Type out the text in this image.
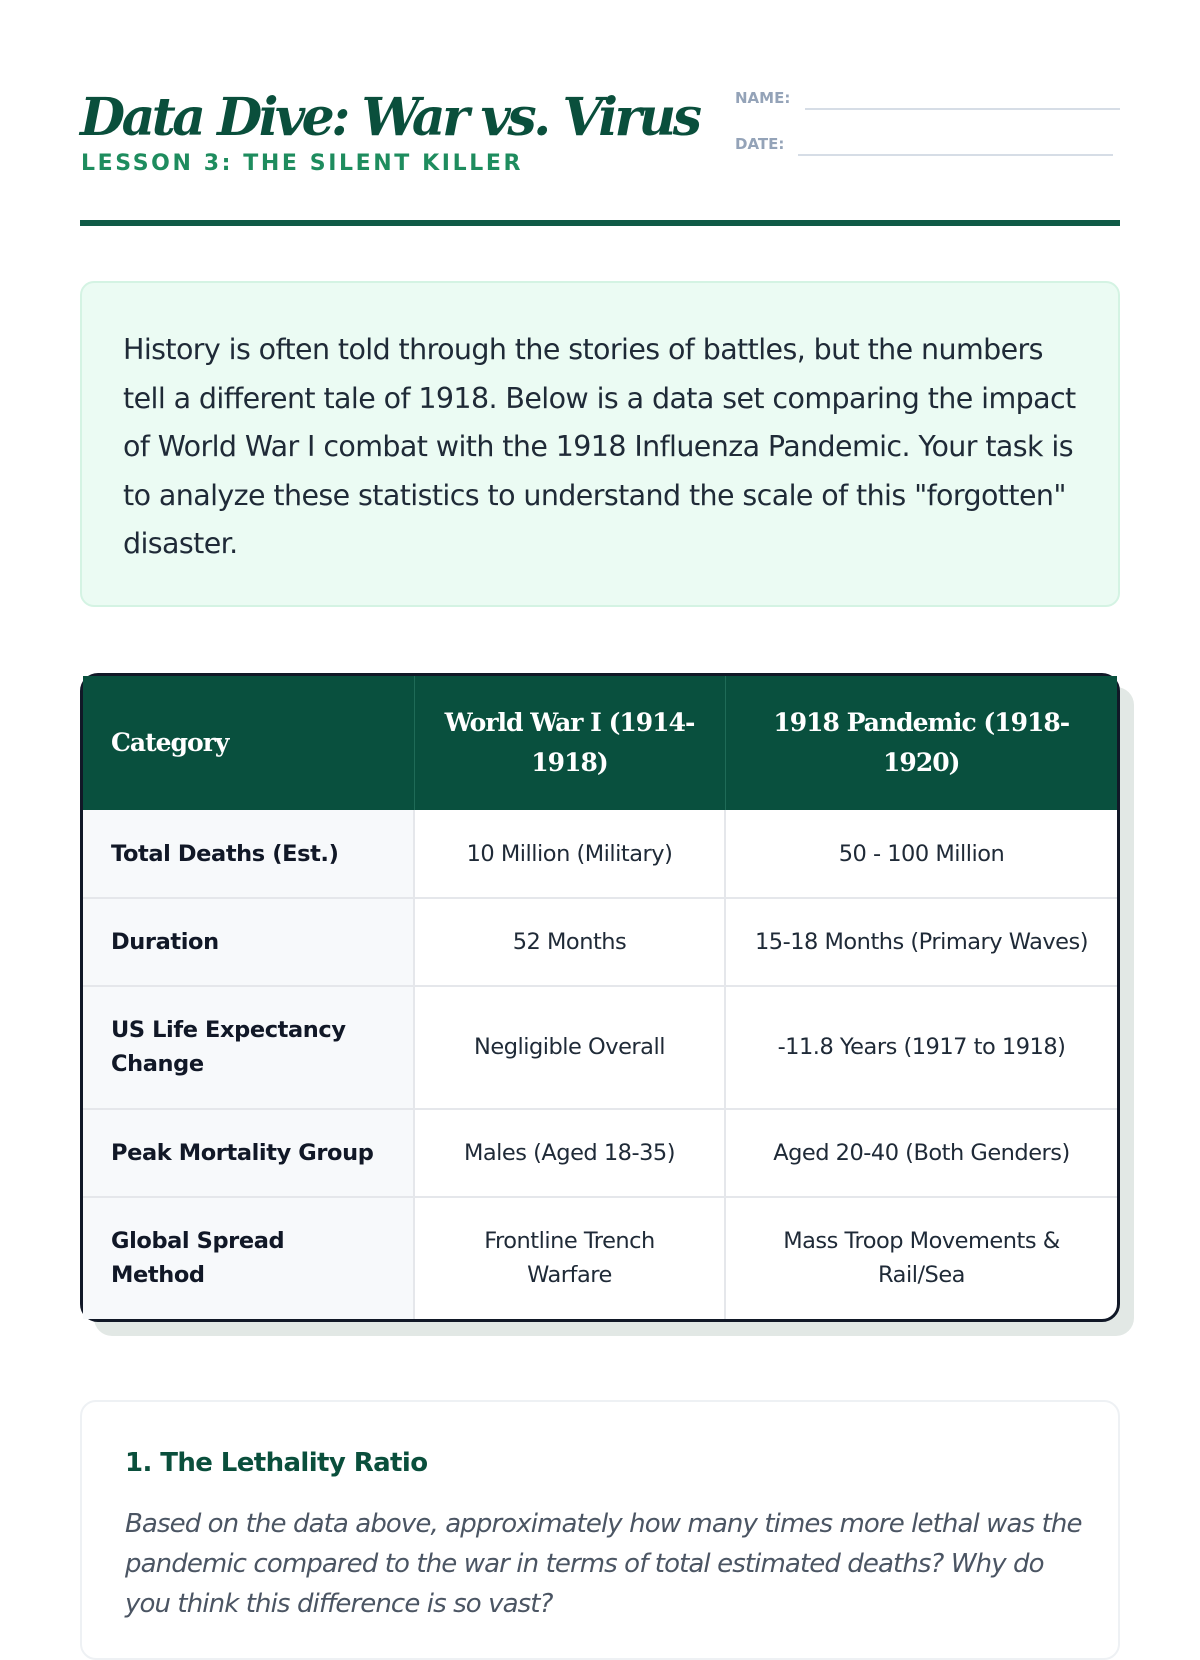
Data Dive: War vs. Virus
LESSON 3: THE SILENT KILLER
NAME:
DATE:

History is often told through the stories of battles, but the numbers tell a different tale of 1918. Below is a data set comparing the impact of World War I combat with the 1918 Influenza Pandemic. Your task is to analyze these statistics to understand the scale of this "forgotten" disaster.

Category	World War I (1914-1918)	1918 Pandemic (1918-1920)
Total Deaths (Est.)	10 Million (Military)	50 - 100 Million
Duration	52 Months	15-18 Months (Primary Waves)
US Life Expectancy Change	Negligible Overall	-11.8 Years (1917 to 1918)
Peak Mortality Group	Males (Aged 18-35)	Aged 20-40 (Both Genders)
Global Spread Method	Frontline Trench Warfare	Mass Troop Movements & Rail/Sea
1. The Lethality Ratio

Based on the data above, approximately how many times more lethal was the pandemic compared to the war in terms of total estimated deaths? Why do you think this difference is so vast?
